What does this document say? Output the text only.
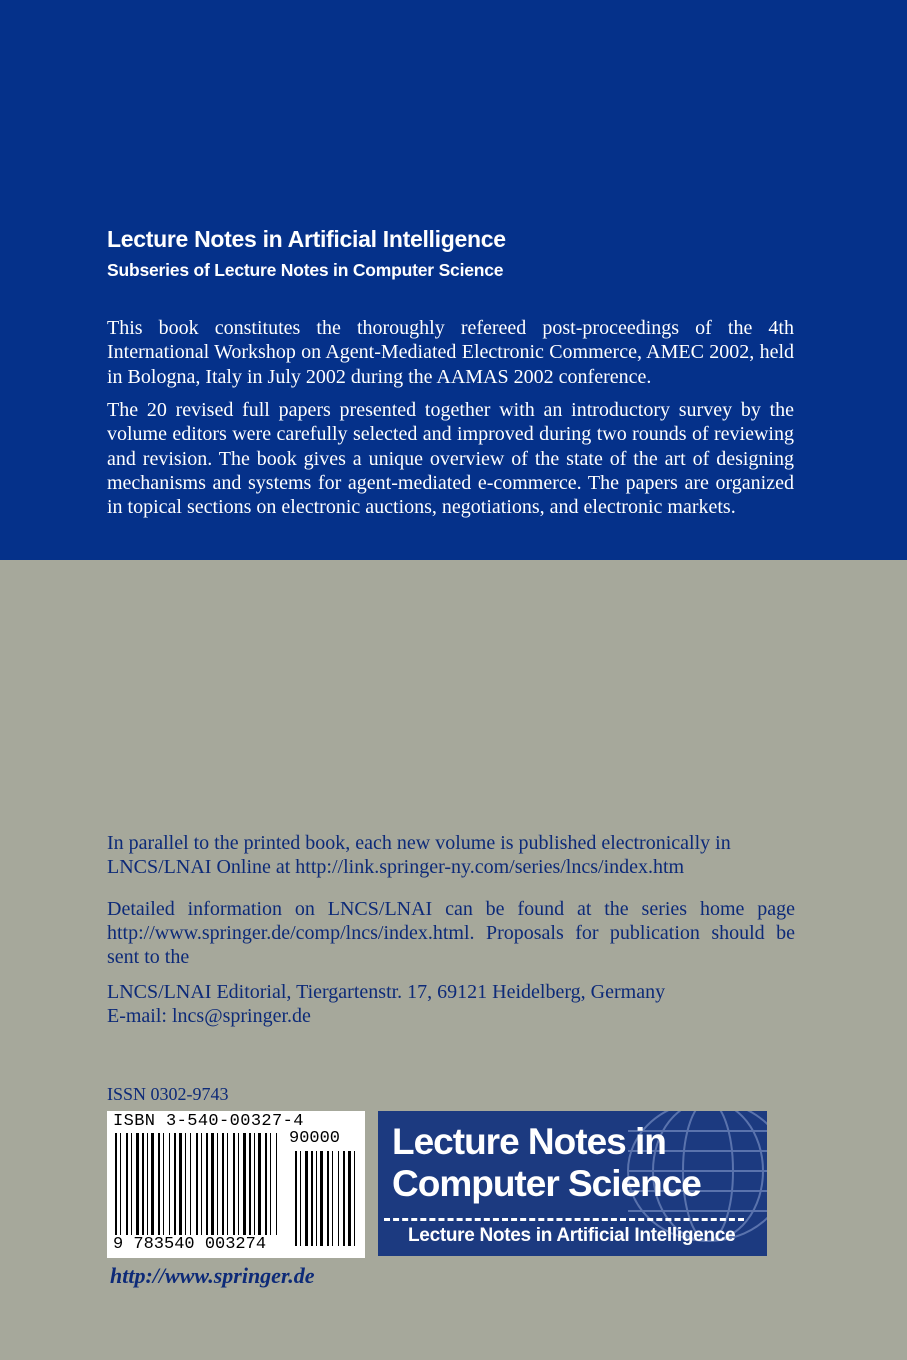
Lecture Notes in Artificial Intelligence
Subseries of Lecture Notes in Computer Science

This book constitutes the thoroughly refereed post-proceedings of the 4th International Workshop on Agent-Mediated Electronic Commerce, AMEC 2002, held in Bologna, Italy in July 2002 during the AAMAS 2002 conference.

The 20 revised full papers presented together with an introductory survey by the volume editors were carefully selected and improved during two rounds of reviewing and revision. The book gives a unique overview of the state of the art of designing mechanisms and systems for agent-mediated e-commerce. The papers are organized in topical sections on electronic auctions, negotiations, and electronic markets.

In parallel to the printed book, each new volume is published electronically in
LNCS/LNAI Online at http://link.springer-ny.com/series/lncs/index.htm

Detailed information on LNCS/LNAI can be found at the series home page http://www.springer.de/comp/lncs/index.html. Proposals for publication should be sent to the

LNCS/LNAI Editorial, Tiergartenstr. 17, 69121 Heidelberg, Germany
E-mail: lncs@springer.de

ISSN 0302-9743
ISBN 3-540-00327-4
90000
9 783540 003274
Lecture Notes in
Computer Science
Lecture Notes in Artificial Intelligence
http://www.springer.de
